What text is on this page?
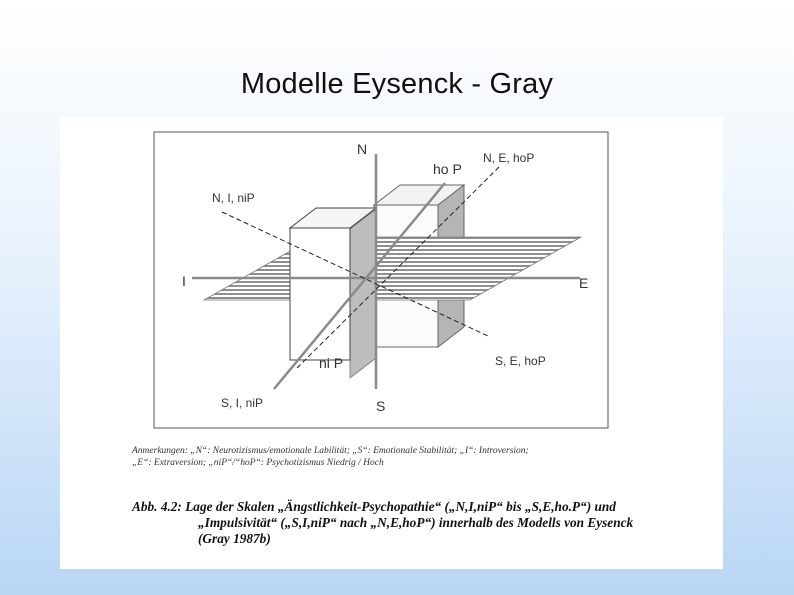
Modelle Eysenck - Gray
N
S
I	E
ho P
ni P
N, I, niP
N, E, hoP
S, E, hoP
S, I, niP
Anmerkungen: „N“: Neurotizismus/emotionale Labilität; „S“: Emotionale Stabilität; „I“: Introversion;
„E“: Extraversion; „niP“/“hoP“: Psychotizismus Niedrig / Hoch
Abb. 4.2: Lage der Skalen „Ängstlichkeit-Psychopathie“ („N,I,niP“ bis „S,E,ho.P“) und
„Impulsivität“ („S,I,niP“ nach „N,E,hoP“) innerhalb des Modells von Eysenck
(Gray 1987b)
